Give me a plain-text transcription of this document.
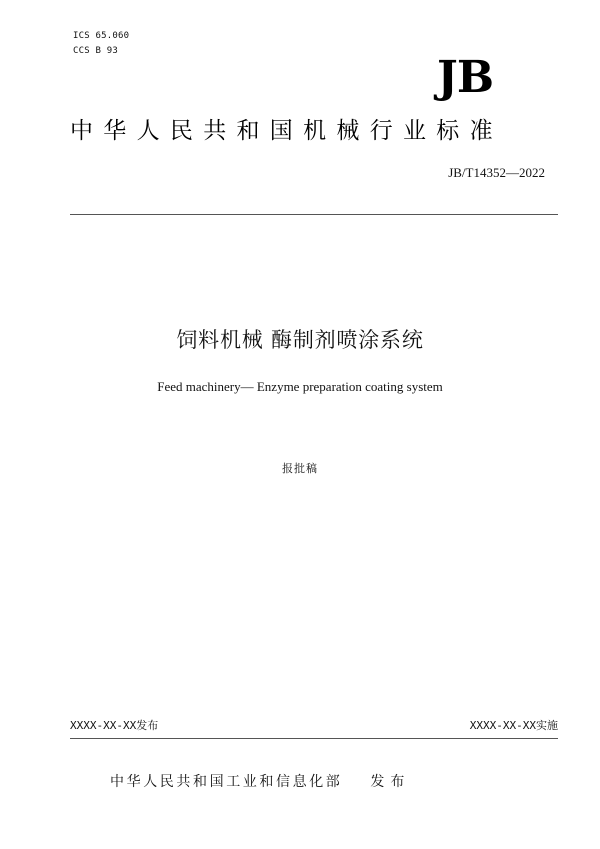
ICS 65.060
CCS B 93
JB
中华人民共和国机械行业标准
JB/T14352—2022
饲料机械 酶制剂喷涂系统
Feed machinery— Enzyme preparation coating system
报批稿
XXXX-XX-XX发布	XXXX-XX-XX实施
中华人民共和国工业和信息化部 发布
